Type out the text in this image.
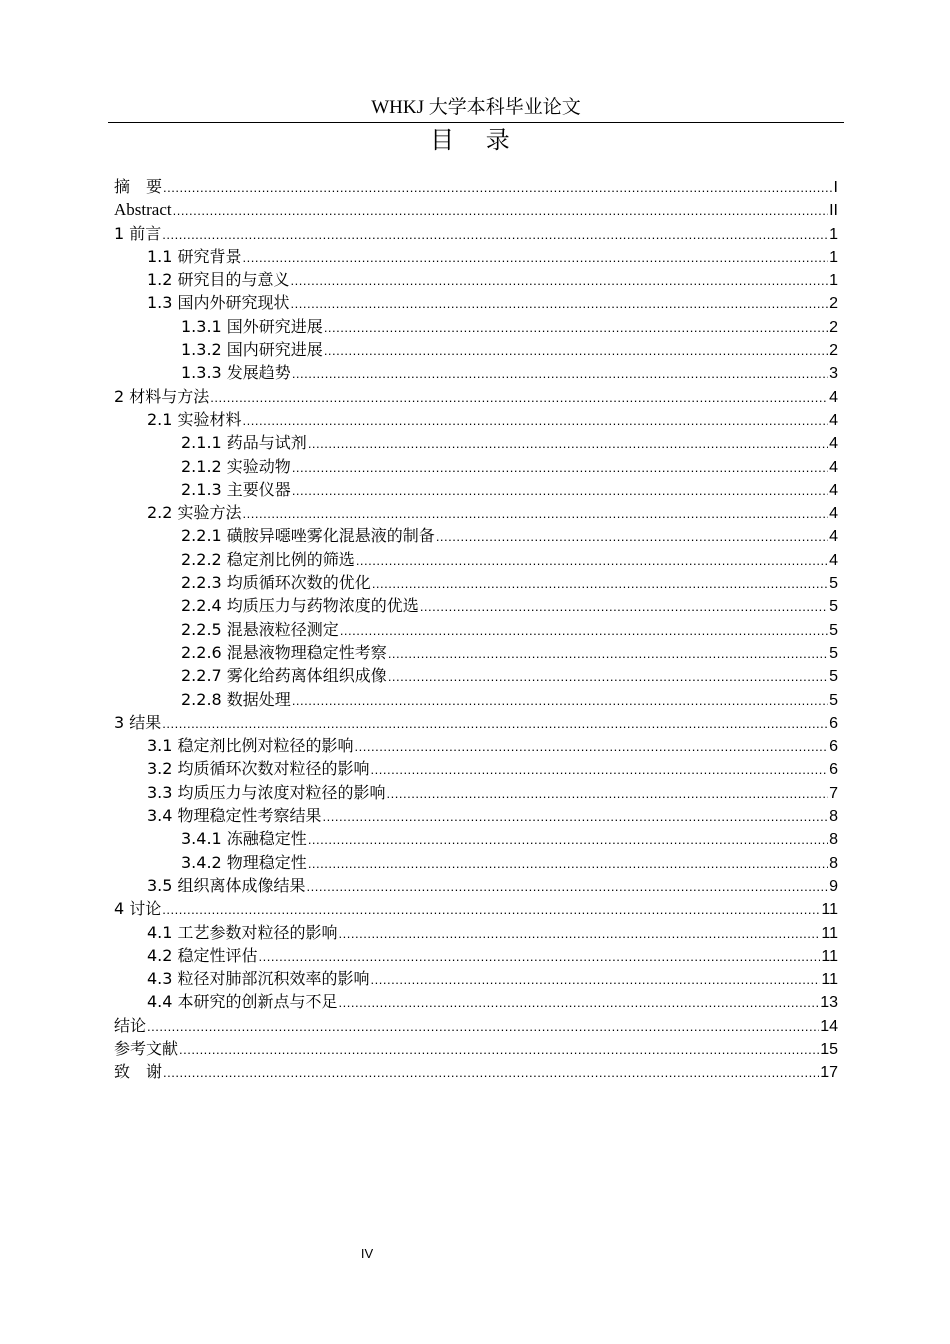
WHKJ 大学本科毕业论文
目 录
摘　要 .....	I
Abstract .....	II
1 前言 .....	1
1.1 研究背景 .....	1
1.2 研究目的与意义 .....	1
1.3 国内外研究现状 .....	2
1.3.1 国外研究进展 .....	2
1.3.2 国内研究进展 .....	2
1.3.3 发展趋势 .....	3
2 材料与方法 .....	4
2.1 实验材料 .....	4
2.1.1 药品与试剂 .....	4
2.1.2 实验动物 .....	4
2.1.3 主要仪器 .....	4
2.2 实验方法 .....	4
2.2.1 磺胺异噁唑雾化混悬液的制备 .....	4
2.2.2 稳定剂比例的筛选 .....	4
2.2.3 均质循环次数的优化 .....	5
2.2.4 均质压力与药物浓度的优选 .....	5
2.2.5 混悬液粒径测定 .....	5
2.2.6 混悬液物理稳定性考察 .....	5
2.2.7 雾化给药离体组织成像 .....	5
2.2.8 数据处理 .....	5
3 结果 .....	6
3.1 稳定剂比例对粒径的影响 .....	6
3.2 均质循环次数对粒径的影响 .....	6
3.3 均质压力与浓度对粒径的影响 .....	7
3.4 物理稳定性考察结果 .....	8
3.4.1 冻融稳定性 .....	8
3.4.2 物理稳定性 .....	8
3.5 组织离体成像结果 .....	9
4 讨论 .....	11
4.1 工艺参数对粒径的影响 .....	11
4.2 稳定性评估 .....	11
4.3 粒径对肺部沉积效率的影响 .....	11
4.4 本研究的创新点与不足 .....	13
结论 .....	14
参考文献 .....	15
致　谢 .....	17
IV
